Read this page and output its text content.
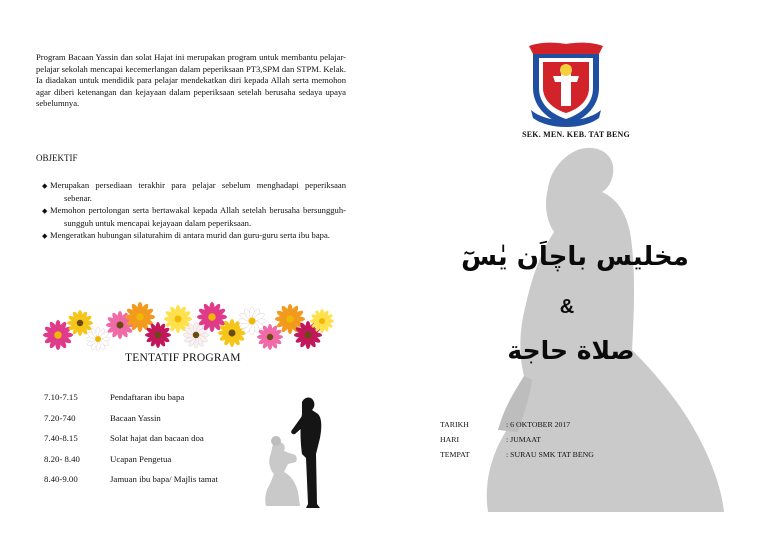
Program Bacaan Yassin dan solat Hajat ini merupakan program untuk membantu pelajar-pelajar sekolah mencapai kecemerlangan dalam peperiksaan PT3,SPM dan STPM. Kelak. Ia diadakan untuk mendidik para pelajar mendekatkan diri kepada Allah serta memohon agar diberi ketenangan dan kejayaan dalam peperiksaan setelah berusaha sedaya upaya sebelumnya.

OBJEKTIF
◆ Merupakan persediaan terakhir para pelajar sebelum menghadapi peperiksaan sebenar.
◆ Memohon pertolongan serta bertawakal kepada Allah setelah berusaha bersungguh-sungguh untuk mencapai kejayaan dalam peperiksaan.
◆ Mengeratkan hubungan silaturahim di antara murid dan guru-guru serta ibu bapa.
TENTATIF PROGRAM
7.10-7.15	Pendaftaran ibu bapa
7.20-740	Bacaan Yassin
7.40-8.15	Solat hajat dan bacaan doa
8.20- 8.40	Ucapan Pengetua
8.40-9.00	Jamuan ibu bapa/ Majlis tamat
SEK. MEN. KEB. TAT BENG
مخليس باچاَن يٰسٓ
&
صلاة حاجة
TARIKH	: 6 OKTOBER 2017
HARI	: JUMAAT
TEMPAT	: SURAU SMK TAT BENG
